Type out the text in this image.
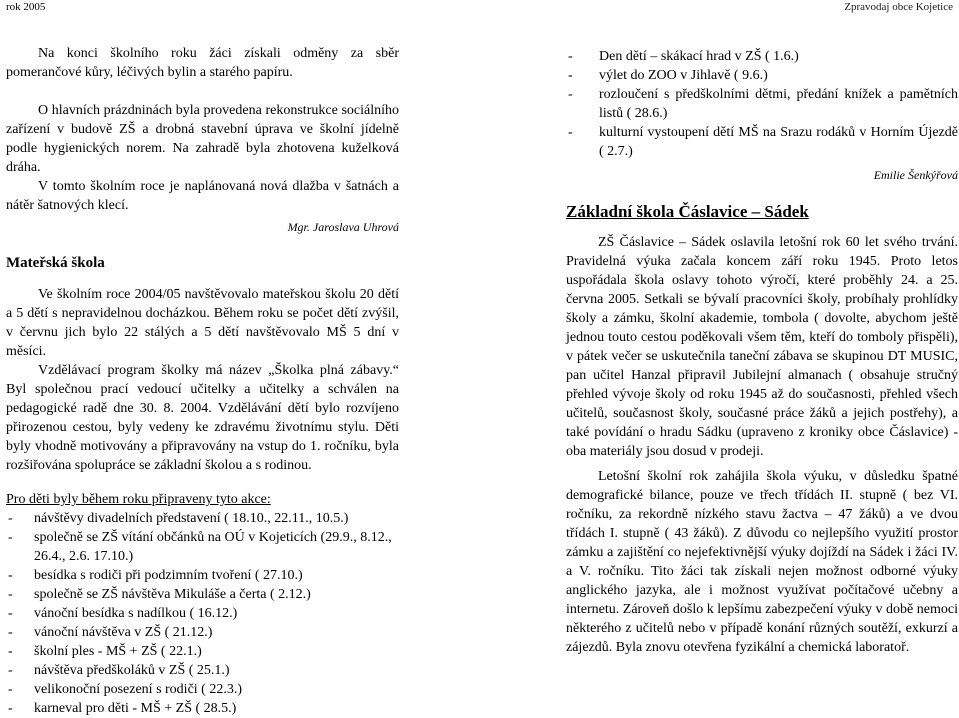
rok 2005	Zpravodaj obce Kojetice

Na konci školního roku žáci získali odměny za sběr pomerančové kůry, léčivých bylin a starého papíru.

O hlavních prázdninách byla provedena rekonstrukce sociálního zařízení v budově ZŠ a drobná stavební úprava ve školní jídelně podle hygienických norem. Na zahradě byla zhotovena kuželková dráha.

V tomto školním roce je naplánovaná nová dlažba v šatnách a nátěr šatnových klecí.

Mgr. Jaroslava Uhrová

Mateřská škola

Ve školním roce 2004/05 navštěvovalo mateřskou školu 20 dětí a 5 dětí s nepravidelnou docházkou. Během roku se počet dětí zvýšil, v červnu jich bylo 22 stálých a 5 dětí navštěvovalo MŠ 5 dní v měsíci.

Vzdělávací program školky má název „Školka plná zábavy.“ Byl společnou prací vedoucí učitelky a učitelky a schválen na pedagogické radě dne 30. 8. 2004. Vzdělávání dětí bylo rozvíjeno přirozenou cestou, byly vedeny ke zdravému životnímu stylu. Děti byly vhodně motivovány a připravovány na vstup do 1. ročníku, byla rozšiřována spolupráce se základní školou a s rodinou.

Pro děti byly během roku připraveny tyto akce:

- návštěvy divadelních představení ( 18.10., 22.11., 10.5.)
- společně se ZŠ vítání občánků na OÚ v Kojeticích (29.9., 8.12., 26.4., 2.6. 17.10.)
- besídka s rodiči při podzimním tvoření ( 27.10.)
- společně se ZŠ návštěva Mikuláše a čerta ( 2.12.)
- vánoční besídka s nadílkou ( 16.12.)
- vánoční návštěva v ZŠ ( 21.12.)
- školní ples - MŠ + ZŠ ( 22.1.)
- návštěva předškoláků v ZŠ ( 25.1.)
- velikonoční posezení s rodiči ( 22.3.)
- karneval pro děti - MŠ + ZŠ ( 28.5.)
- Den dětí – skákací hrad v ZŠ ( 1.6.)
- výlet do ZOO v Jihlavě ( 9.6.)
- rozloučení s předškolními dětmi, předání knížek a pamětních listů ( 28.6.)
- kulturní vystoupení dětí MŠ na Srazu rodáků v Horním Újezdě ( 2.7.)

Emilie Šenkýřová

Základní škola Čáslavice – Sádek

ZŠ Čáslavice – Sádek oslavila letošní rok 60 let svého trvání. Pravidelná výuka začala koncem září roku 1945. Proto letos uspořádala škola oslavy tohoto výročí, které proběhly 24. a 25. června 2005. Setkali se bývalí pracovníci školy, probíhaly prohlídky školy a zámku, školní akademie, tombola ( dovolte, abychom ještě jednou touto cestou poděkovali všem těm, kteří do tomboly přispěli), v pátek večer se uskutečnila taneční zábava se skupinou DT MUSIC, pan učitel Hanzal připravil Jubilejní almanach ( obsahuje stručný přehled vývoje školy od roku 1945 až do současnosti, přehled všech učitelů, současnost školy, současné práce žáků a jejich postřehy), a také povídání o hradu Sádku (upraveno z kroniky obce Čáslavice) - oba materiály jsou dosud v prodeji.

Letošní školní rok zahájila škola výuku, v důsledku špatné demografické bilance, pouze ve třech třídách II. stupně ( bez VI. ročníku, za rekordně nízkého stavu žactva – 47 žáků) a ve dvou třídách I. stupně ( 43 žáků). Z důvodu co nejlepšího využití prostor zámku a zajištění co nejefektivnější výuky dojíždí na Sádek i žáci IV. a V. ročníku. Tito žáci tak získali nejen možnost odborné výuky anglického jazyka, ale i možnost využívat počítačové učebny a internetu. Zároveň došlo k lepšímu zabezpečení výuky v době nemoci některého z učitelů nebo v případě konání různých soutěží, exkurzí a zájezdů. Byla znovu otevřena fyzikální a chemická laboratoř.
